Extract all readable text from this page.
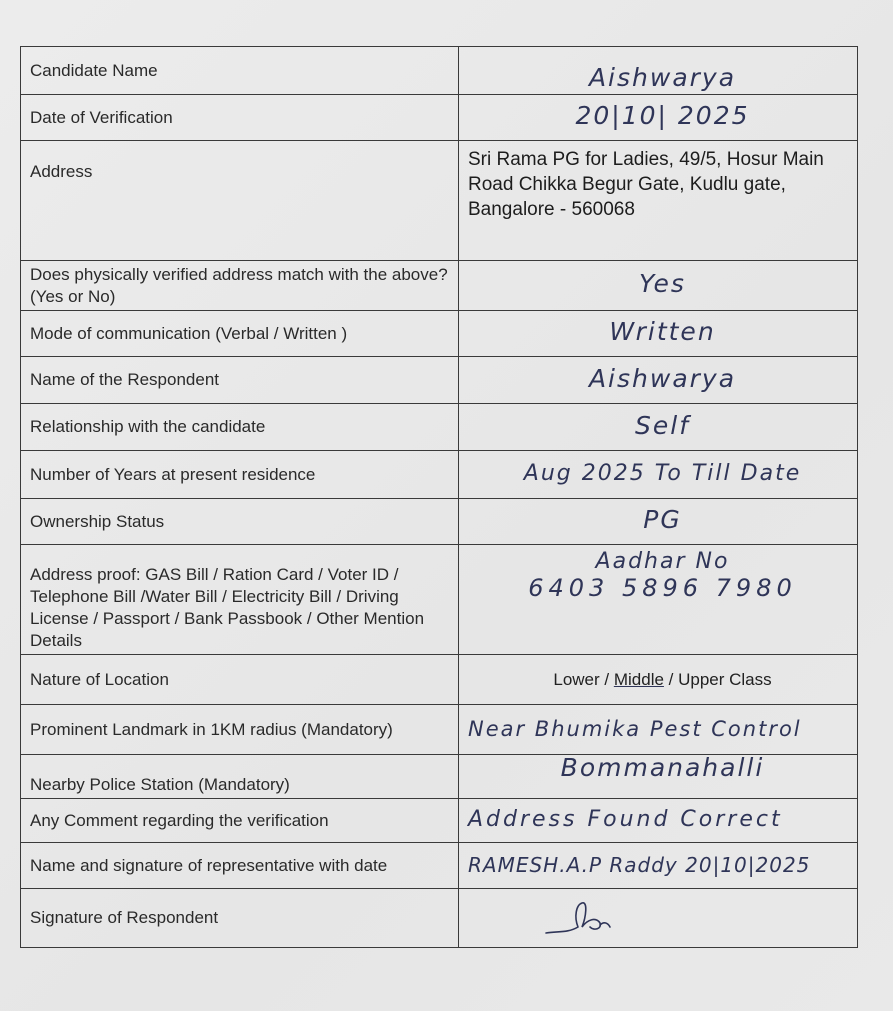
Candidate Name	Aishwarya
Date of Verification	20|10| 2025
Address	Sri Rama PG for Ladies, 49/5, Hosur Main Road Chikka Begur Gate, Kudlu gate, Bangalore - 560068

Does physically verified address match with the above?(Yes or No)	Yes
Mode of communication (Verbal / Written )	Written
Name of the Respondent	Aishwarya
Relationship with the candidate	Self
Number of Years at present residence	Aug 2025 To Till Date
Ownership Status	PG
Address proof: GAS Bill / Ration Card / Voter ID / Telephone Bill /Water Bill / Electricity Bill / Driving License / Passport / Bank Passbook / Other Mention Details	Aadhar No
6403 5896 7980

Nature of Location	Lower / Middle / Upper Class
Prominent Landmark in 1KM radius (Mandatory)	Near Bhumika Pest Control
Nearby Police Station (Mandatory)	Bommanahalli
Any Comment regarding the verification	Address Found Correct
Name and signature of representative with date	RAMESH.A.P Raddy 20|10|2025
Signature of Respondent	
